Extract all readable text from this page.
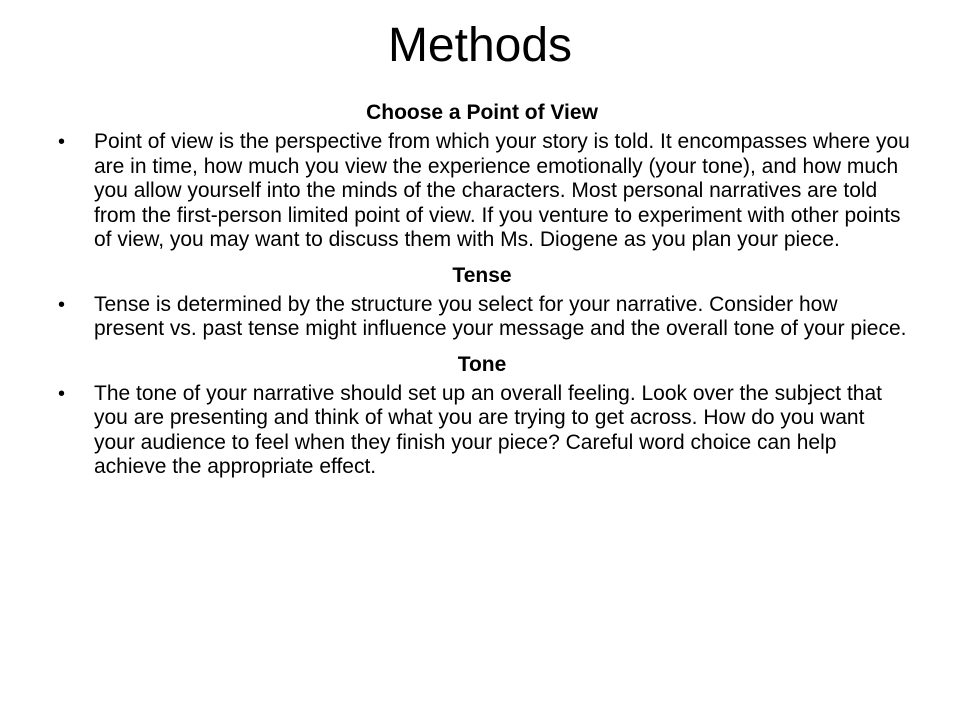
Methods

Choose a Point of View

• Point of view is the perspective from which your story is told. It encompasses where you are in time, how much you view the experience emotionally (your tone), and how much you allow yourself into the minds of the characters. Most personal narratives are told from the first-person limited point of view. If you venture to experiment with other points of view, you may want to discuss them with Ms. Diogene as you plan your piece.

Tense

• Tense is determined by the structure you select for your narrative. Consider how present vs. past tense might influence your message and the overall tone of your piece.

Tone

• The tone of your narrative should set up an overall feeling. Look over the subject that you are presenting and think of what you are trying to get across. How do you want your audience to feel when they finish your piece? Careful word choice can help achieve the appropriate effect.
